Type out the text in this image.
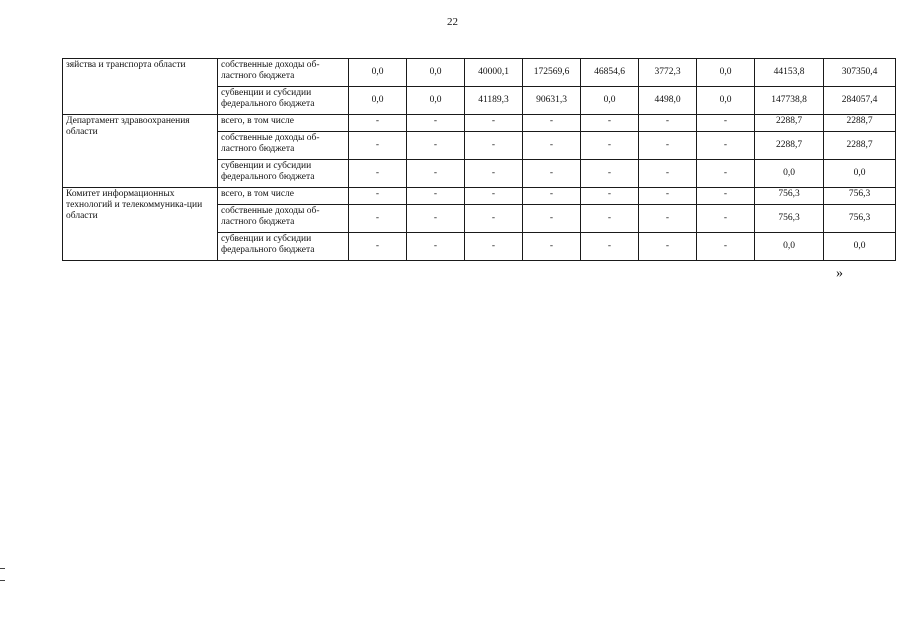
22
зяйства и транспорта области	собственные доходы об-ластного бюджета	0,0	0,0	40000,1	172569,6	46854,6	3772,3	0,0	44153,8	307350,4
	субвенции и субсидии федерального бюджета	0,0	0,0	41189,3	90631,3	0,0	4498,0	0,0	147738,8	284057,4
Департамент здравоохранения области	всего, в том числе	-	-	-	-	-	-	-	2288,7	2288,7
	собственные доходы об-ластного бюджета	-	-	-	-	-	-	-	2288,7	2288,7
	субвенции и субсидии федерального бюджета	-	-	-	-	-	-	-	0,0	0,0
Комитет информационных технологий и телекоммуника-ции области	всего, в том числе	-	-	-	-	-	-	-	756,3	756,3
	собственные доходы об-ластного бюджета	-	-	-	-	-	-	-	756,3	756,3
	субвенции и субсидии федерального бюджета	-	-	-	-	-	-	-	0,0	0,0
»
